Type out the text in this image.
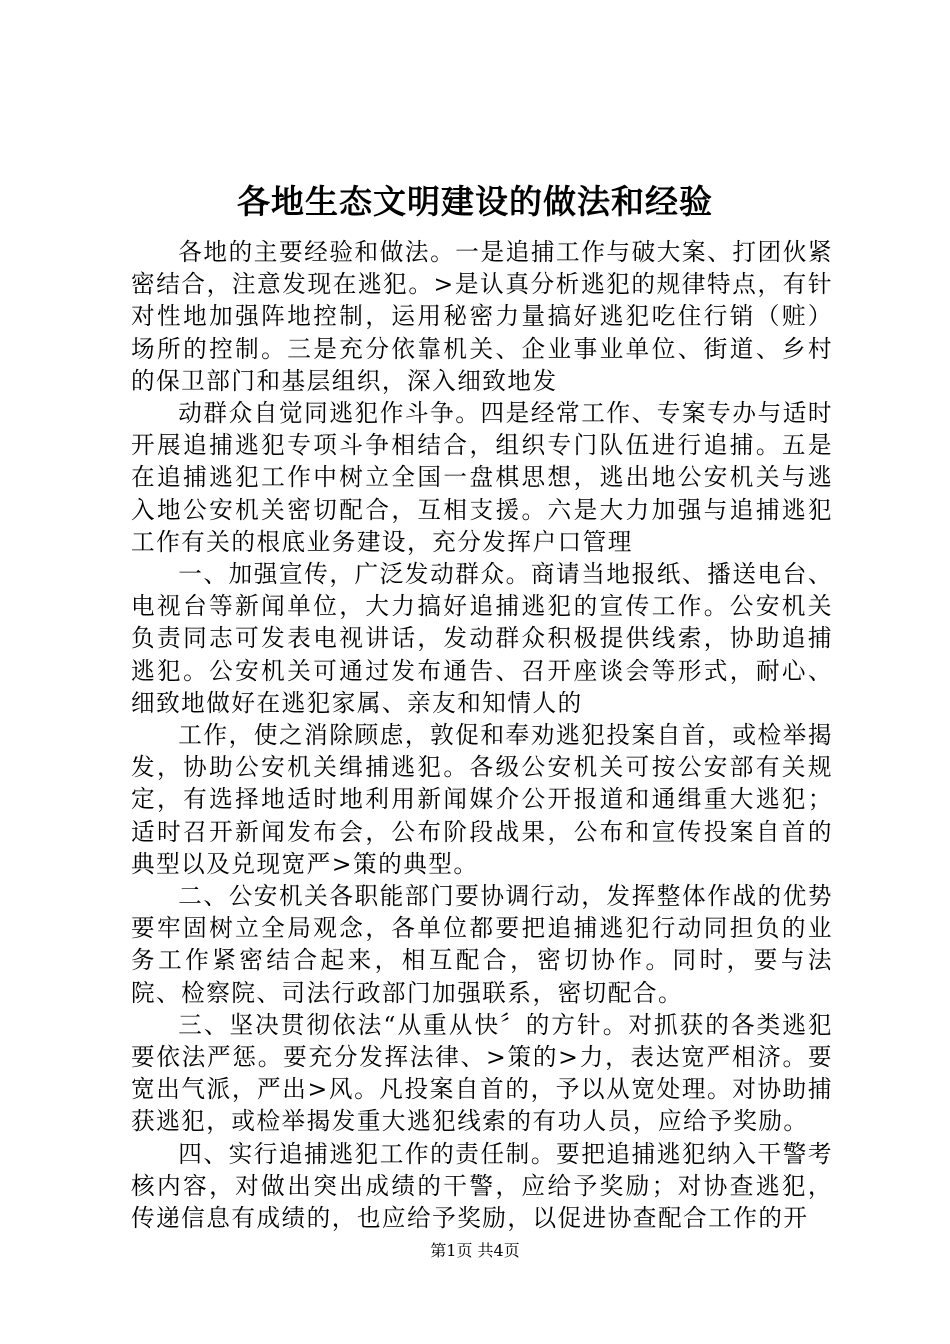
各地生态文明建设的做法和经验

各地的主要经验和做法。一是追捕工作与破大案、打团伙紧密结合，注意发现在逃犯。>是认真分析逃犯的规律特点，有针对性地加强阵地控制，运用秘密力量搞好逃犯吃住行销（赃）场所的控制。三是充分依靠机关、企业事业单位、街道、乡村的保卫部门和基层组织，深入细致地发

动群众自觉同逃犯作斗争。四是经常工作、专案专办与适时开展追捕逃犯专项斗争相结合，组织专门队伍进行追捕。五是在追捕逃犯工作中树立全国一盘棋思想，逃出地公安机关与逃入地公安机关密切配合，互相支援。六是大力加强与追捕逃犯工作有关的根底业务建设，充分发挥户口管理

一、加强宣传，广泛发动群众。商请当地报纸、播送电台、电视台等新闻单位，大力搞好追捕逃犯的宣传工作。公安机关负责同志可发表电视讲话，发动群众积极提供线索，协助追捕逃犯。公安机关可通过发布通告、召开座谈会等形式，耐心、细致地做好在逃犯家属、亲友和知情人的

工作，使之消除顾虑，敦促和奉劝逃犯投案自首，或检举揭发，协助公安机关缉捕逃犯。各级公安机关可按公安部有关规定，有选择地适时地利用新闻媒介公开报道和通缉重大逃犯；适时召开新闻发布会，公布阶段战果，公布和宣传投案自首的典型以及兑现宽严>策的典型。

二、公安机关各职能部门要协调行动，发挥整体作战的优势要牢固树立全局观念，各单位都要把追捕逃犯行动同担负的业务工作紧密结合起来，相互配合，密切协作。同时，要与法院、检察院、司法行政部门加强联系，密切配合。

三、坚决贯彻依法“从重从快〞的方针。对抓获的各类逃犯要依法严惩。要充分发挥法律、>策的>力，表达宽严相济。要宽出气派，严出>风。凡投案自首的，予以从宽处理。对协助捕获逃犯，或检举揭发重大逃犯线索的有功人员，应给予奖励。

四、实行追捕逃犯工作的责任制。要把追捕逃犯纳入干警考核内容，对做出突出成绩的干警，应给予奖励；对协查逃犯，传递信息有成绩的，也应给予奖励，以促进协查配合工作的开

第1页 共4页
